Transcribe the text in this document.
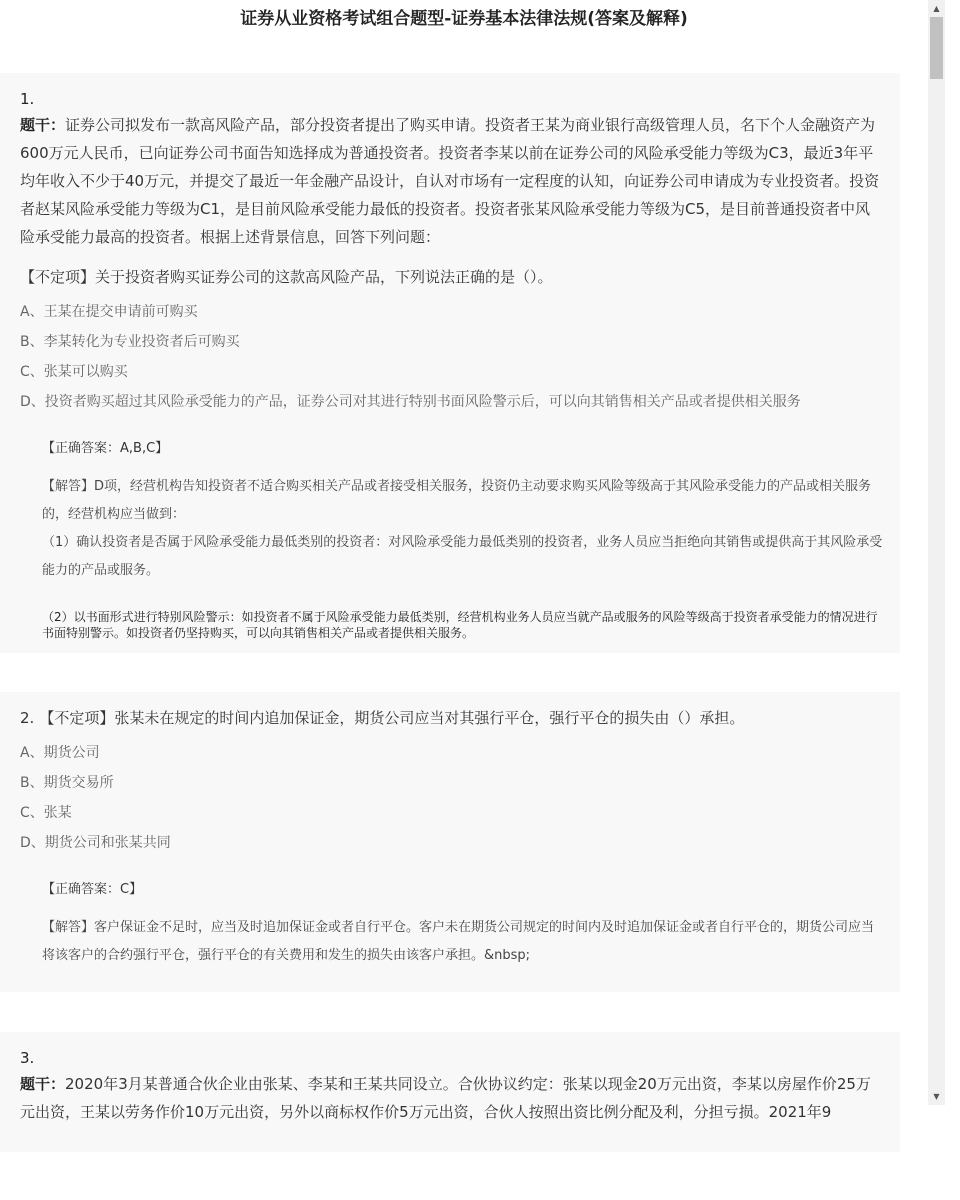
证券从业资格考试组合题型-证券基本法律法规(答案及解释)
1.

题干：证券公司拟发布一款高风险产品，部分投资者提出了购买申请。投资者王某为商业银行高级管理人员，名下个人金融资产为600万元人民币，已向证券公司书面告知选择成为普通投资者。投资者李某以前在证券公司的风险承受能力等级为C3，最近3年平均年收入不少于40万元，并提交了最近一年金融产品设计，自认对市场有一定程度的认知，向证券公司申请成为专业投资者。投资者赵某风险承受能力等级为C1，是目前风险承受能力最低的投资者。投资者张某风险承受能力等级为C5，是目前普通投资者中风险承受能力最高的投资者。根据上述背景信息，回答下列问题：

【不定项】关于投资者购买证券公司的这款高风险产品，下列说法正确的是（）。

A、王某在提交申请前可购买
B、李某转化为专业投资者后可购买
C、张某可以购买
D、投资者购买超过其风险承受能力的产品，证券公司对其进行特别书面风险警示后，可以向其销售相关产品或者提供相关服务

【正确答案：A,B,C】

【解答】D项，经营机构告知投资者不适合购买相关产品或者接受相关服务，投资仍主动要求购买风险等级高于其风险承受能力的产品或相关服务的，经营机构应当做到：

（1）确认投资者是否属于风险承受能力最低类别的投资者：对风险承受能力最低类别的投资者，业务人员应当拒绝向其销售或提供高于其风险承受能力的产品或服务。

（2）以书面形式进行特别风险警示：如投资者不属于风险承受能力最低类别，经营机构业务人员应当就产品或服务的风险等级高于投资者承受能力的情况进行书面特别警示。如投资者仍坚持购买，可以向其销售相关产品或者提供相关服务。

2. 【不定项】张某未在规定的时间内追加保证金，期货公司应当对其强行平仓，强行平仓的损失由（）承担。
A、期货公司
B、期货交易所
C、张某
D、期货公司和张某共同

【正确答案：C】

【解答】客户保证金不足时，应当及时追加保证金或者自行平仓。客户未在期货公司规定的时间内及时追加保证金或者自行平仓的，期货公司应当将该客户的合约强行平仓，强行平仓的有关费用和发生的损失由该客户承担。&nbsp;

3.

题干：2020年3月某普通合伙企业由张某、李某和王某共同设立。合伙协议约定：张某以现金20万元出资，李某以房屋作价25万元出资，王某以劳务作价10万元出资，另外以商标权作价5万元出资，合伙人按照出资比例分配及利，分担亏损。2021年9

▲
▼
